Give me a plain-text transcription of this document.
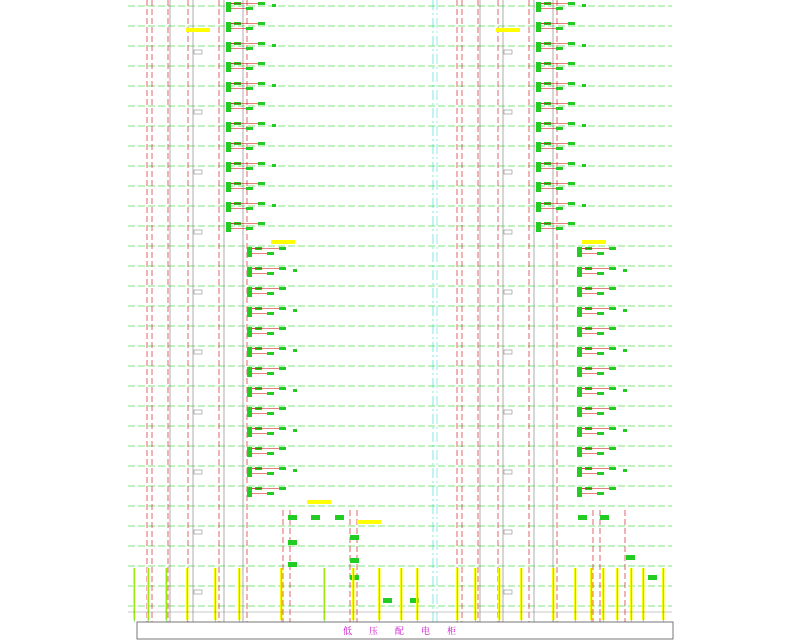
低 压 配 电 柜
